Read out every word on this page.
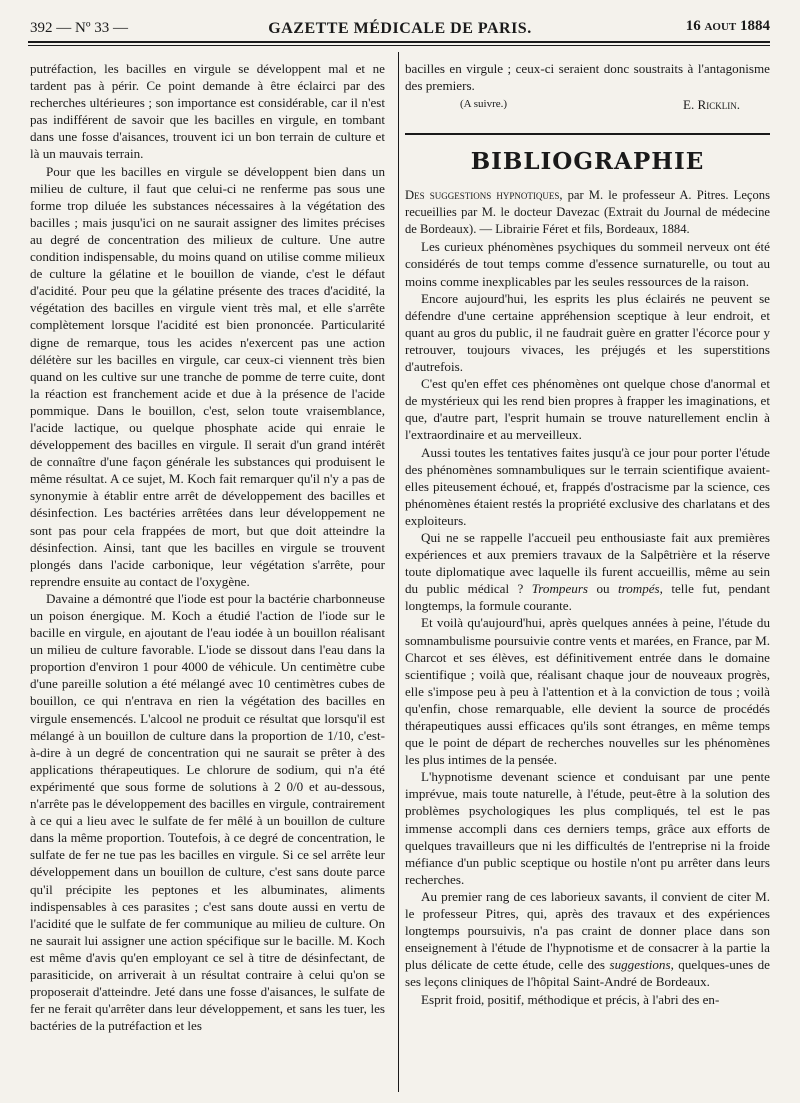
392 — Nº 33 —	GAZETTE MÉDICALE DE PARIS.	16 AOUT 1884

putréfaction, les bacilles en virgule se développent mal et ne tardent pas à périr. Ce point demande à être éclairci par des recherches ultérieures ; son importance est considérable, car il n'est pas indifférent de savoir que les bacilles en virgule, en tombant dans une fosse d'aisances, trouvent ici un bon terrain de culture et là un mauvais terrain.

Pour que les bacilles en virgule se développent bien dans un milieu de culture, il faut que celui-ci ne renferme pas sous une forme trop diluée les substances nécessaires à la végétation des bacilles ; mais jusqu'ici on ne saurait assigner des limites précises au degré de concentration des milieux de culture. Une autre condition indispensable, du moins quand on utilise comme milieux de culture la gélatine et le bouillon de viande, c'est le défaut d'acidité. Pour peu que la gélatine présente des traces d'acidité, la végétation des bacilles en virgule vient très mal, et elle s'arrête complètement lorsque l'acidité est bien prononcée. Particularité digne de remarque, tous les acides n'exercent pas une action délétère sur les bacilles en virgule, car ceux-ci viennent très bien quand on les cultive sur une tranche de pomme de terre cuite, dont la réaction est franchement acide et due à la présence de l'acide pommique. Dans le bouillon, c'est, selon toute vraisemblance, l'acide lactique, ou quelque phosphate acide qui enraie le développement des bacilles en virgule. Il serait d'un grand intérêt de connaître d'une façon générale les substances qui produisent le même résultat. A ce sujet, M. Koch fait remarquer qu'il n'y a pas de synonymie à établir entre arrêt de développement des bacilles et désinfection. Les bactéries arrêtées dans leur développement ne sont pas pour cela frappées de mort, but que doit atteindre la désinfection. Ainsi, tant que les bacilles en virgule se trouvent plongés dans l'acide carbonique, leur végétation s'arrête, pour reprendre ensuite au contact de l'oxygène.

Davaine a démontré que l'iode est pour la bactérie charbonneuse un poison énergique. M. Koch a étudié l'action de l'iode sur le bacille en virgule, en ajoutant de l'eau iodée à un bouillon réalisant un milieu de culture favorable. L'iode se dissout dans l'eau dans la proportion d'environ 1 pour 4000 de véhicule. Un centimètre cube d'une pareille solution a été mélangé avec 10 centimètres cubes de bouillon, ce qui n'entrava en rien la végétation des bacilles en virgule ensemencés. L'alcool ne produit ce résultat que lorsqu'il est mélangé à un bouillon de culture dans la proportion de 1/10, c'est-à-dire à un degré de concentration qui ne saurait se prêter à des applications thérapeutiques. Le chlorure de sodium, qui n'a été expérimenté que sous forme de solutions à 2 0/0 et au-dessous, n'arrête pas le développement des bacilles en virgule, contrairement à ce qui a lieu avec le sulfate de fer mêlé à un bouillon de culture dans la même proportion. Toutefois, à ce degré de concentration, le sulfate de fer ne tue pas les bacilles en virgule. Si ce sel arrête leur développement dans un bouillon de culture, c'est sans doute parce qu'il précipite les peptones et les albuminates, aliments indispensables à ces parasites ; c'est sans doute aussi en vertu de l'acidité que le sulfate de fer communique au milieu de culture. On ne saurait lui assigner une action spécifique sur le bacille. M. Koch est même d'avis qu'en employant ce sel à titre de désinfectant, de parasiticide, on arriverait à un résultat contraire à celui qu'on se proposerait d'atteindre. Jeté dans une fosse d'aisances, le sulfate de fer ne ferait qu'arrêter dans leur développement, et sans les tuer, les bactéries de la putréfaction et les

bacilles en virgule ; ceux-ci seraient donc soustraits à l'antagonisme des premiers.

(A suivre.)	E. Ricklin.
BIBLIOGRAPHIE

Des suggestions hypnotiques, par M. le professeur A. Pitres. Leçons recueillies par M. le docteur Davezac (Extrait du Journal de médecine de Bordeaux). — Librairie Féret et fils, Bordeaux, 1884.

Les curieux phénomènes psychiques du sommeil nerveux ont été considérés de tout temps comme d'essence surnaturelle, ou tout au moins comme inexplicables par les seules ressources de la raison.

Encore aujourd'hui, les esprits les plus éclairés ne peuvent se défendre d'une certaine appréhension sceptique à leur endroit, et quant au gros du public, il ne faudrait guère en gratter l'écorce pour y retrouver, toujours vivaces, les préjugés et les superstitions d'autrefois.

C'est qu'en effet ces phénomènes ont quelque chose d'anormal et de mystérieux qui les rend bien propres à frapper les imaginations, et que, d'autre part, l'esprit humain se trouve naturellement enclin à l'extraordinaire et au merveilleux.

Aussi toutes les tentatives faites jusqu'à ce jour pour porter l'étude des phénomènes somnambuliques sur le terrain scientifique avaient-elles piteusement échoué, et, frappés d'ostracisme par la science, ces phénomènes étaient restés la propriété exclusive des charlatans et des exploiteurs.

Qui ne se rappelle l'accueil peu enthousiaste fait aux premières expériences et aux premiers travaux de la Salpêtrière et la réserve toute diplomatique avec laquelle ils furent accueillis, même au sein du public médical ? Trompeurs ou trompés, telle fut, pendant longtemps, la formule courante.

Et voilà qu'aujourd'hui, après quelques années à peine, l'étude du somnambulisme poursuivie contre vents et marées, en France, par M. Charcot et ses élèves, est définitivement entrée dans le domaine scientifique ; voilà que, réalisant chaque jour de nouveaux progrès, elle s'impose peu à peu à l'attention et à la conviction de tous ; voilà qu'enfin, chose remarquable, elle devient la source de procédés thérapeutiques aussi efficaces qu'ils sont étranges, en même temps que le point de départ de recherches nouvelles sur les phénomènes les plus intimes de la pensée.

L'hypnotisme devenant science et conduisant par une pente imprévue, mais toute naturelle, à l'étude, peut-être à la solution des problèmes psychologiques les plus compliqués, tel est le pas immense accompli dans ces derniers temps, grâce aux efforts de quelques travailleurs que ni les difficultés de l'entreprise ni la froide méfiance d'un public sceptique ou hostile n'ont pu arrêter dans leurs recherches.

Au premier rang de ces laborieux savants, il convient de citer M. le professeur Pitres, qui, après des travaux et des expériences longtemps poursuivis, n'a pas craint de donner place dans son enseignement à l'étude de l'hypnotisme et de consacrer à la partie la plus délicate de cette étude, celle des suggestions, quelques-unes de ses leçons cliniques de l'hôpital Saint-André de Bordeaux.

Esprit froid, positif, méthodique et précis, à l'abri des en-
